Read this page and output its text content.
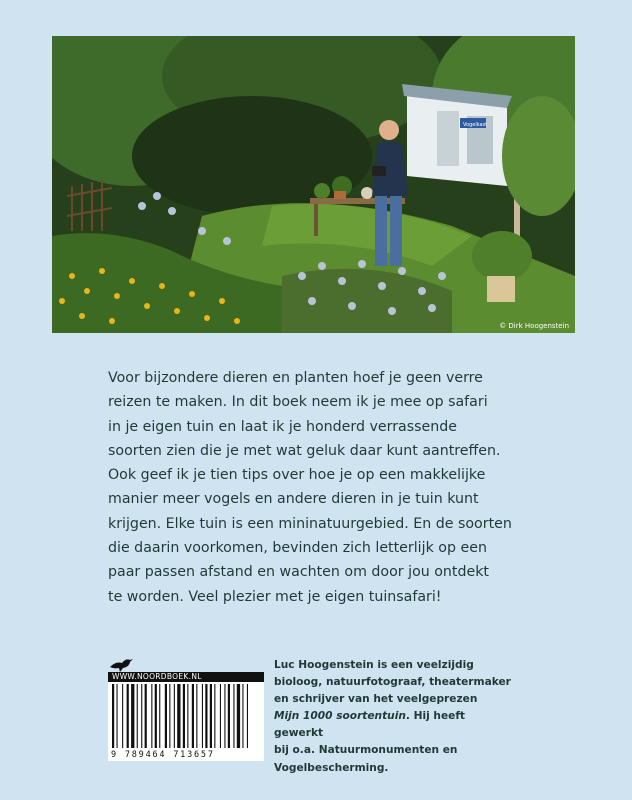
Vogelkast
© Dirk Hoogenstein

Voor bijzondere dieren en planten hoef je geen verre

reizen te maken. In dit boek neem ik je mee op safari

in je eigen tuin en laat ik je honderd verrassende

soorten zien die je met wat geluk daar kunt aantreffen.

Ook geef ik je tien tips over hoe je op een makkelijke

manier meer vogels en andere dieren in je tuin kunt

krijgen. Elke tuin is een mininatuurgebied. En de soorten

die daarin voorkomen, bevinden zich letterlijk op een

paar passen afstand en wachten om door jou ontdekt

te worden. Veel plezier met je eigen tuinsafari!

WWW.NOORDBOEK.NL
9 789464 713657
Luc Hoogenstein is een veelzijdig
bioloog, natuurfotograaf, theatermaker
en schrijver van het veelgeprezen
Mijn 1000 soortentuin. Hij heeft gewerkt
bij o.a. Natuurmonumenten en
Vogelbescherming.
